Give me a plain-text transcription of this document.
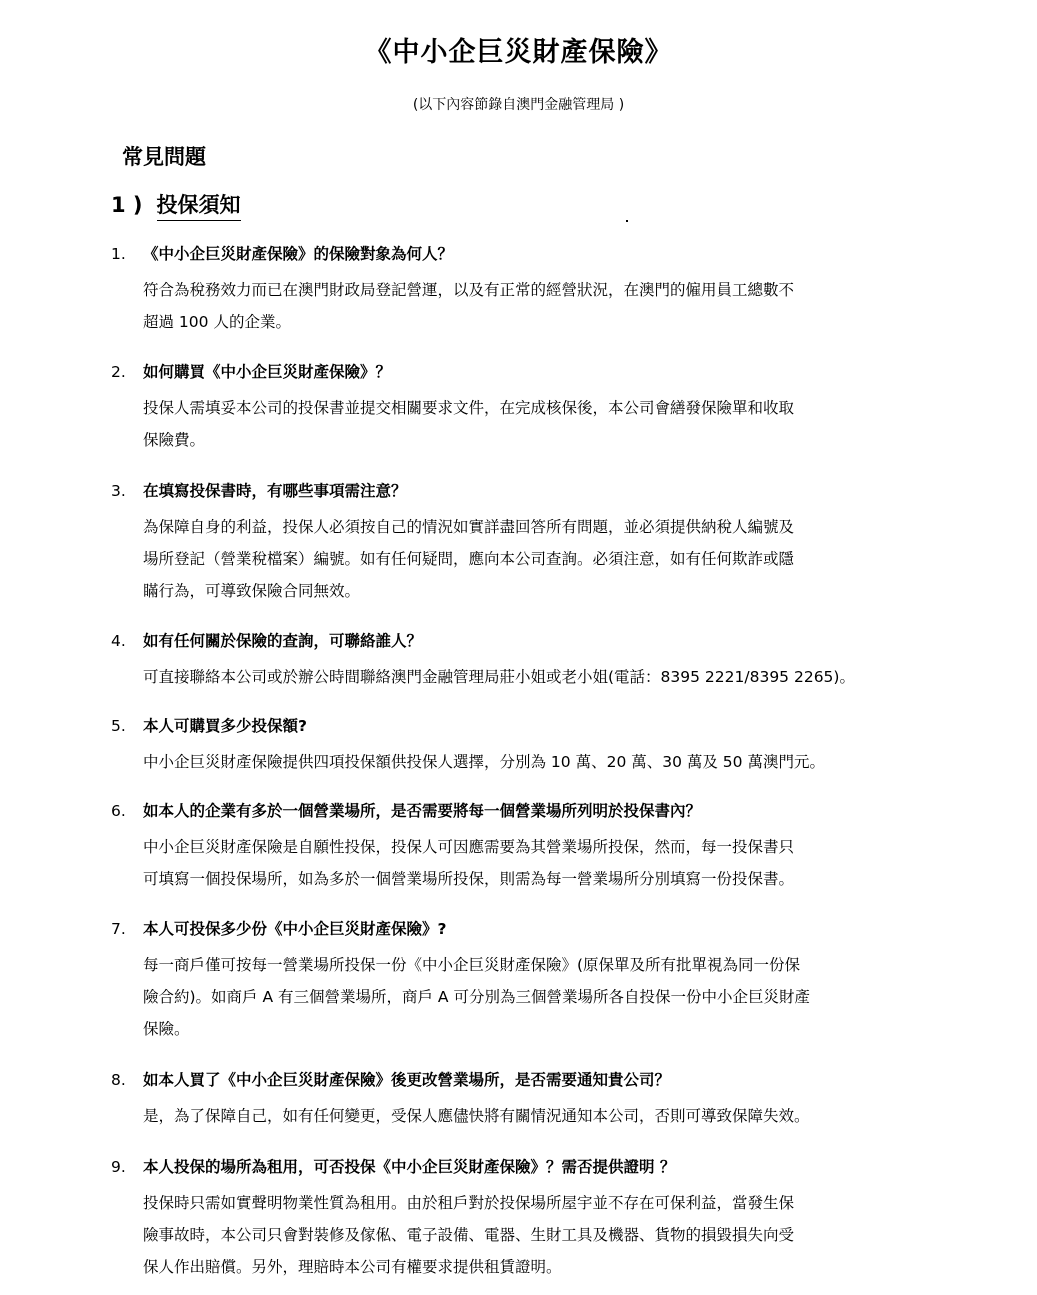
《中小企巨災財產保險》
(以下內容節錄自澳門金融管理局 )
常見問題
1 ) 投保須知
1. 《中小企巨災財產保險》的保險對象為何人？
符合為稅務效力而已在澳門財政局登記營運，以及有正常的經營狀況，在澳門的僱用員工總數不
超過 100 人的企業。
2. 如何購買《中小企巨災財產保險》？
投保人需填妥本公司的投保書並提交相關要求文件，在完成核保後，本公司會繕發保險單和收取
保險費。
3. 在填寫投保書時，有哪些事項需注意？
為保障自身的利益，投保人必須按自己的情況如實詳盡回答所有問題，並必須提供納稅人編號及
場所登記（營業稅檔案）編號。如有任何疑問，應向本公司查詢。必須注意，如有任何欺詐或隱
瞞行為，可導致保險合同無效。
4. 如有任何關於保險的查詢，可聯絡誰人？
可直接聯絡本公司或於辦公時間聯絡澳門金融管理局莊小姐或老小姐(電話：8395 2221/8395 2265)。
5. 本人可購買多少投保額?
中小企巨災財產保險提供四項投保額供投保人選擇，分別為 10 萬、20 萬、30 萬及 50 萬澳門元。
6. 如本人的企業有多於一個營業場所，是否需要將每一個營業場所列明於投保書內？
中小企巨災財產保險是自願性投保，投保人可因應需要為其營業場所投保，然而，每一投保書只
可填寫一個投保場所，如為多於一個營業場所投保，則需為每一營業場所分別填寫一份投保書。
7. 本人可投保多少份《中小企巨災財產保險》?
每一商戶僅可按每一營業場所投保一份《中小企巨災財產保險》(原保單及所有批單視為同一份保
險合約)。如商戶 A 有三個營業場所，商戶 A 可分別為三個營業場所各自投保一份中小企巨災財產
保險。
8. 如本人買了《中小企巨災財產保險》後更改營業場所，是否需要通知貴公司？
是，為了保障自己，如有任何變更，受保人應儘快將有關情況通知本公司，否則可導致保障失效。
9. 本人投保的場所為租用，可否投保《中小企巨災財產保險》？需否提供證明 ？
投保時只需如實聲明物業性質為租用。由於租戶對於投保場所屋宇並不存在可保利益，當發生保
險事故時，本公司只會對裝修及傢俬、電子設備、電器、生財工具及機器、貨物的損毀損失向受
保人作出賠償。另外，理賠時本公司有權要求提供租賃證明。
